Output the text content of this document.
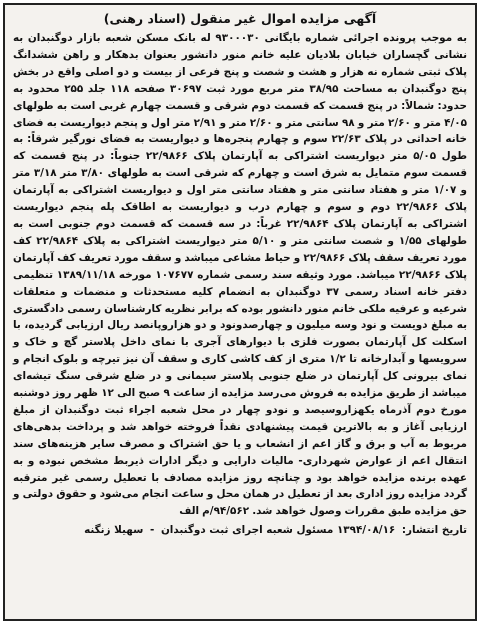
آگهی مزایده اموال غیر منقول (اسناد رهنی)

به موجب پرونده اجرائی شماره بایگانی ۹۳۰۰۰۳۰ له بانک مسکن شعبه بازار دوگنبدان به نشانی گچساران خیابان بلادیان علیه خانم منور دانشور بعنوان بدهکار و راهن ششدانگ پلاک ثبتی شماره نه هزار و هشت و شصت و پنج فرعی از بیست و دو اصلی واقع در بخش پنج دوگنبدان به مساحت ۳۸/۹۵ متر مربع مورد ثبت ۳۰۶۹۷ صفحه ۱۱۸ جلد ۲۵۵ محدود به حدود: شمالاً: در پنج قسمت که قسمت دوم شرقی و قسمت چهارم غربی است به طولهای ۴/۰۵ متر و ۲/۶۰ متر و ۹۸ سانتی متر و ۲/۶۰ متر و ۲/۹۱ متر اول و پنجم دیواریست به فضای خانه احداثی در پلاک ۲۲/۶۳ سوم و چهارم پنجره‌ها و دیواریست به فضای نورگیر شرقاً: به طول ۵/۰۵ متر دیواریست اشتراکی به آپارتمان پلاک ۲۲/۹۸۶۶ جنوباً: در پنج قسمت که قسمت سوم متمایل به شرق است و چهارم که شرقی است به طولهای ۳/۸۰ متر ۳/۱۸ متر و ۱/۰۷ متر و هفتاد سانتی متر و هفتاد سانتی متر اول و دیواریست اشتراکی به آپارتمان پلاک ۲۲/۹۸۶۶ دوم و سوم و چهارم درب و دیواریست به اطاقک پله پنجم دیواریست اشتراکی به آپارتمان پلاک ۲۲/۹۸۶۴ غرباً: در سه قسمت که قسمت دوم جنوبی است به طولهای ۱/۵۵ و شصت سانتی متر و ۵/۱۰ متر دیواریست اشتراکی به پلاک ۲۲/۹۸۶۴ کف مورد تعریف سقف پلاک ۲۲/۹۸۶۶ و حیاط مشاعی میباشد و سقف مورد تعریف کف آپارتمان پلاک ۲۲/۹۸۶۶ میباشد. مورد وثیقه سند رسمی شماره ۱۰۷۶۷۷ مورخه ۱۳۸۹/۱۱/۱۸ تنظیمی دفتر خانه اسناد رسمی ۳۷ دوگنبدان به انضمام کلیه مستحدثات و منضمات و متعلقات شرعیه و عرفیه ملکی خانم منور دانشور بوده که برابر نظریه کارشناسان رسمی دادگستری به مبلغ دویست و نود وسه میلیون و چهارصدونود و دو هزاروپانصد ریال ارزیابی گردیده، با اسکلت کل آپارتمان بصورت فلزی با دیوارهای آجری با نمای داخل پلاستر گچ و خاک و سرویسها و آبدارخانه تا ۱/۲ متری از کف کاشی کاری و سقف آن نیز تیرچه و بلوک انجام و نمای بیرونی کل آپارتمان در ضلع جنوبی پلاستر سیمانی و در ضلع شرقی سنگ تیشه‌ای میباشد از طریق مزایده به فروش می‌رسد مزایده از ساعت ۹ صبح الی ۱۲ ظهر روز دوشنبه مورخ دوم آذرماه یکهزاروسیصد و نودو چهار در محل شعبه اجراء ثبت دوگنبدان از مبلغ ارزیابی آغاز و به بالاترین قیمت پیشنهادی نقداً فروخته خواهد شد و پرداخت بدهی‌های مربوط به آب و برق و گاز اعم از انشعاب و یا حق اشتراک و مصرف سایر هزینه‌های سند انتقال اعم از عوارض شهرداری- مالیات دارایی و دیگر ادارات ذیربط مشخص نبوده و به عهده برنده مزایده خواهد بود و چنانچه روز مزایده مصادف با تعطیل رسمی غیر مترقبه گردد مزایده روز اداری بعد از تعطیل در همان محل و ساعت انجام می‌شود و حقوق دولتی و حق مزایده طبق مقررات وصول خواهد شد. ۹۴/۵۶۲/م الف

تاریخ انتشار: ۱۳۹۴/۰۸/۱۶ مسئول شعبه اجرای ثبت دوگنبدان - سهیلا زنگنه
